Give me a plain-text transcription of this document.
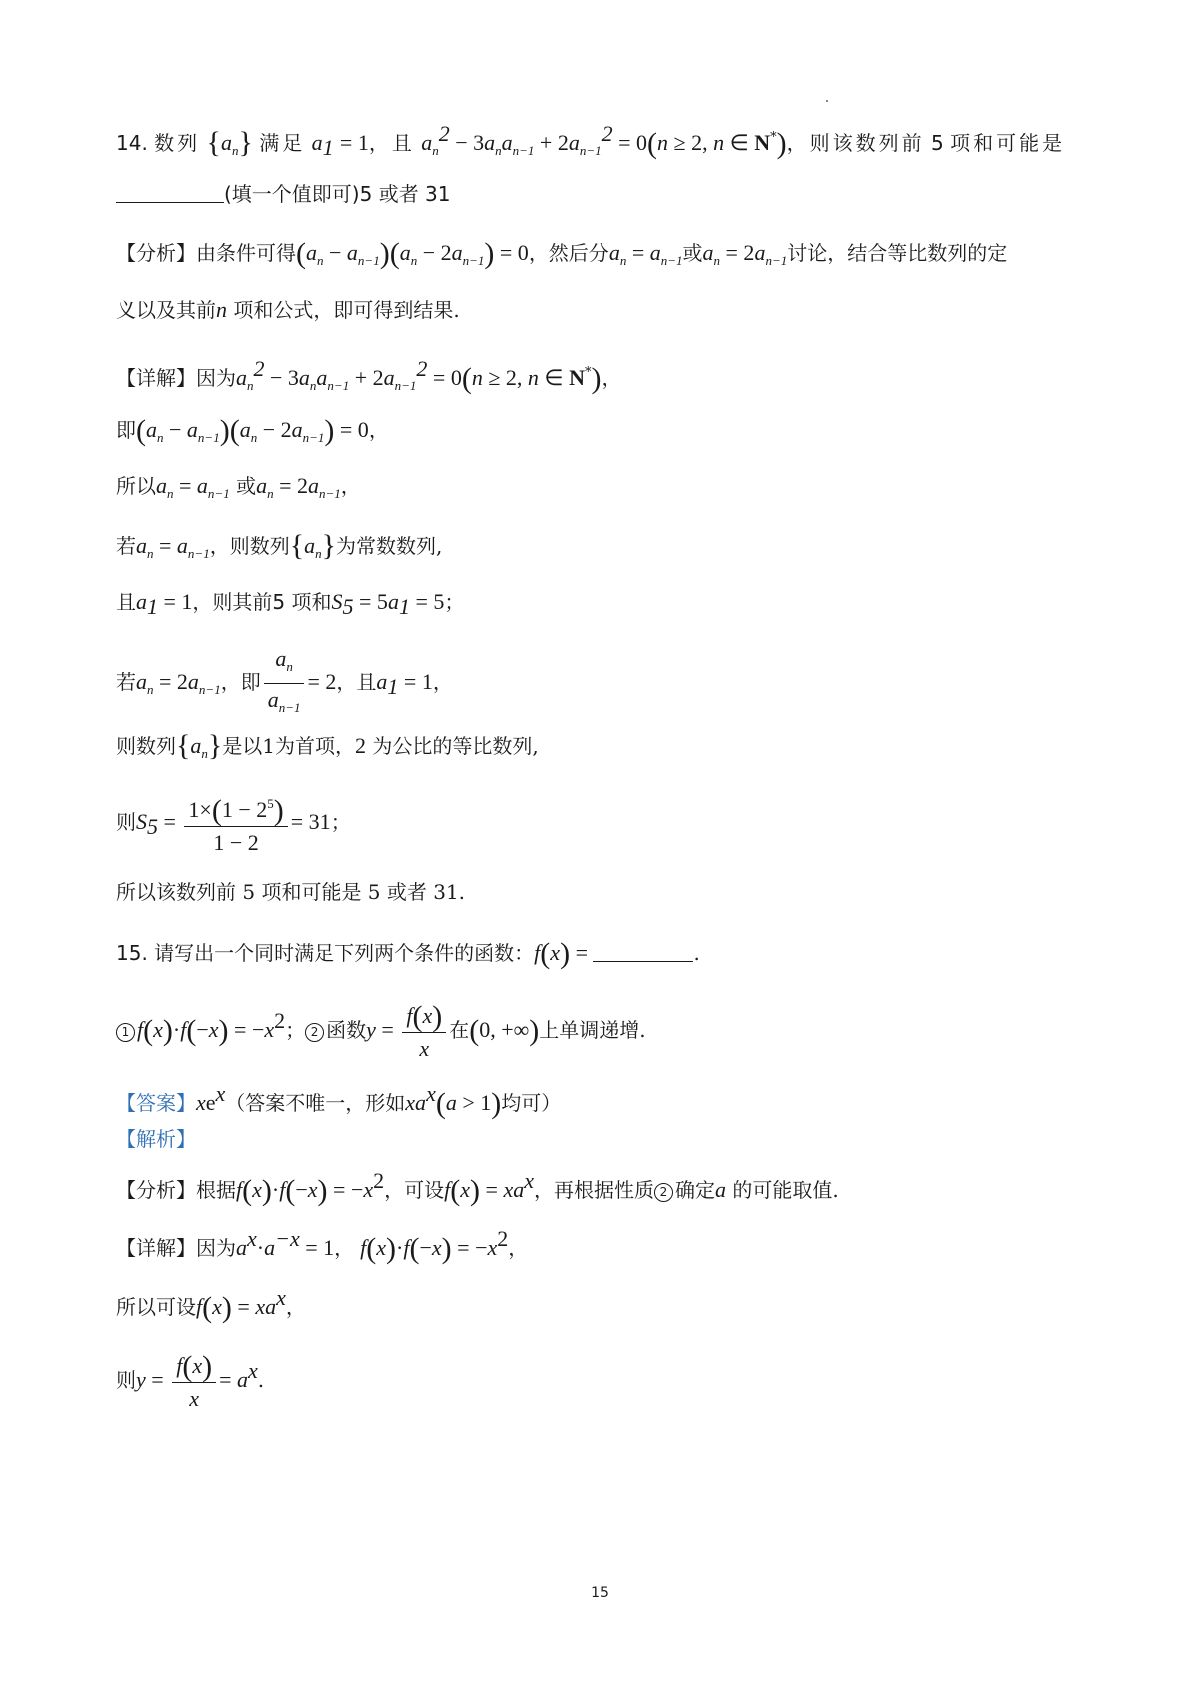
14. 数列 $\{a_n\}$ 满足 $a_1 = 1$，且 $a_n^2 - 3a_na_{n-1} + 2a_{n-1}^2 = 0(n \ge 2$, n ∈ N*)，则该数列前 5 项和可能是
(填一个值即可)5 或者 31
【分析】由条件可得$(a_n - a_{n-1})(a_n - 2a_{n-1}) = 0$，然后分$a_n = a_{n-1}$或$a_n = 2a_{n-1}$讨论，结合等比数列的定
义以及其前n 项和公式，即可得到结果.
【详解】因为$a_n^2 - 3a_na_{n-1} + 2a_{n-1}^2 = 0(n \ge 2$, n ∈ N*)，
即$(a_n - a_{n-1})(a_n - 2a_{n-1}) = 0$，
所以$a_n = a_{n-1}$ 或$a_n = 2a_{n-1}$，
若$a_n = a_{n-1}$，则数列$\{a_n\}$为常数数列,
且$a_1 = 1$，则其前5 项和$S_5 = 5a_1 = 5$；
若$a_n = 2a_{n-1}$，即 $\frac{a_n}{a_{n-1}} = 2$，且$a_1 = 1$，
则数列$\{a_n\}$是以1为首项，2 为公比的等比数列,
则$S_5 = \frac{1\times(1 - 2^5)}{1 - 2} = 31$；
所以该数列前 5 项和可能是 5 或者 31.
15. 请写出一个同时满足下列两个条件的函数：f(x) =	.
1 $f(x)\cdot f(-x) = -x^2$； 2 函数$y = \frac{f(x)}{x}$ 在(0, +∞)上单调递增.
【答案】$xe^x$（答案不唯一，形如$xa^x(a > 1)$均可）
【解析】
【分析】根据$f(x)\cdot f(-x) = -x^2$，可设$f(x) = xa^x$，再根据性质 2 确定a 的可能取值.
【详解】因为$a^x\cdot a^{-x} = 1$， $f(x)\cdot f(-x) = -x^2$，
所以可设$f(x) = xa^x$，
则$y = \frac{f(x)}{x} = a^x$.
15
